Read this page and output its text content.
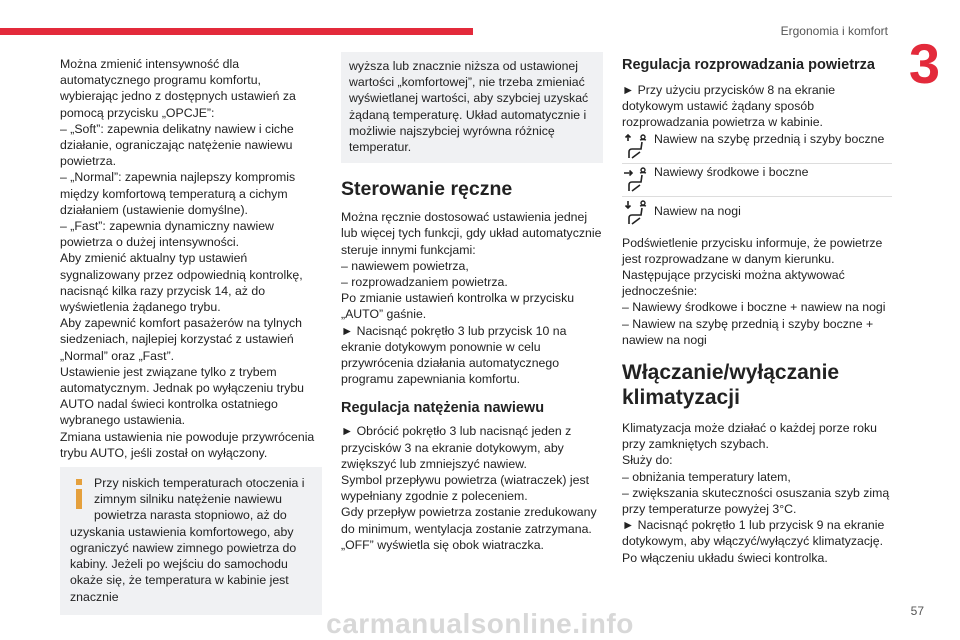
Ergonomia i komfort
3

Można zmienić intensywność dla automatycznego programu komfortu, wybierając jedno z dostępnych ustawień za pomocą przycisku „OPCJE”:

– „Soft”: zapewnia delikatny nawiew i ciche działanie, ograniczając natężenie nawiewu powietrza.

– „Normal”: zapewnia najlepszy kompromis między komfortową temperaturą a cichym działaniem (ustawienie domyślne).

– „Fast”: zapewnia dynamiczny nawiew powietrza o dużej intensywności.

Aby zmienić aktualny typ ustawień sygnalizowany przez odpowiednią kontrolkę, nacisnąć kilka razy przycisk 14, aż do wyświetlenia żądanego trybu.

Aby zapewnić komfort pasażerów na tylnych siedzeniach, najlepiej korzystać z ustawień „Normal” oraz „Fast”.

Ustawienie jest związane tylko z trybem automatycznym. Jednak po wyłączeniu trybu AUTO nadal świeci kontrolka ostatniego wybranego ustawienia.

Zmiana ustawienia nie powoduje przywrócenia trybu AUTO, jeśli został on wyłączony.

Przy niskich temperaturach otoczenia i zimnym silniku natężenie nawiewu powietrza narasta stopniowo, aż do uzyskania ustawienia komfortowego, aby ograniczyć nawiew zimnego powietrza do kabiny. Jeżeli po wejściu do samochodu okaże się, że temperatura w kabinie jest znacznie

wyższa lub znacznie niższa od ustawionej wartości „komfortowej”, nie trzeba zmieniać wyświetlanej wartości, aby szybciej uzyskać żądaną temperaturę. Układ automatycznie i możliwie najszybciej wyrówna różnicę temperatur.

Sterowanie ręczne

Można ręcznie dostosować ustawienia jednej lub więcej tych funkcji, gdy układ automatycznie steruje innymi funkcjami:

– nawiewem powietrza,

– rozprowadzaniem powietrza.

Po zmianie ustawień kontrolka w przycisku „AUTO” gaśnie.

► Nacisnąć pokrętło 3 lub przycisk 10 na ekranie dotykowym ponownie w celu przywrócenia działania automatycznego programu zapewniania komfortu.

Regulacja natężenia nawiewu

► Obrócić pokrętło 3 lub nacisnąć jeden z przycisków 3 na ekranie dotykowym, aby zwiększyć lub zmniejszyć nawiew.

Symbol przepływu powietrza (wiatraczek) jest wypełniany zgodnie z poleceniem.

Gdy przepływ powietrza zostanie zredukowany do minimum, wentylacja zostanie zatrzymana. „OFF” wyświetla się obok wiatraczka.

Regulacja rozprowadzania powietrza

► Przy użyciu przycisków 8 na ekranie dotykowym ustawić żądany sposób rozprowadzania powietrza w kabinie.

Nawiew na szybę przednią i szyby boczne
Nawiewy środkowe i boczne
Nawiew na nogi

Podświetlenie przycisku informuje, że powietrze jest rozprowadzane w danym kierunku.

Następujące przyciski można aktywować jednocześnie:

– Nawiewy środkowe i boczne + nawiew na nogi

– Nawiew na szybę przednią i szyby boczne + nawiew na nogi

Włączanie/wyłączanie klimatyzacji

Klimatyzacja może działać o każdej porze roku przy zamkniętych szybach.

Służy do:

– obniżania temperatury latem,

– zwiększania skuteczności osuszania szyb zimą przy temperaturze powyżej 3°C.

► Nacisnąć pokrętło 1 lub przycisk 9 na ekranie dotykowym, aby włączyć/wyłączyć klimatyzację.

Po włączeniu układu świeci kontrolka.

carmanualsonline.info	57
